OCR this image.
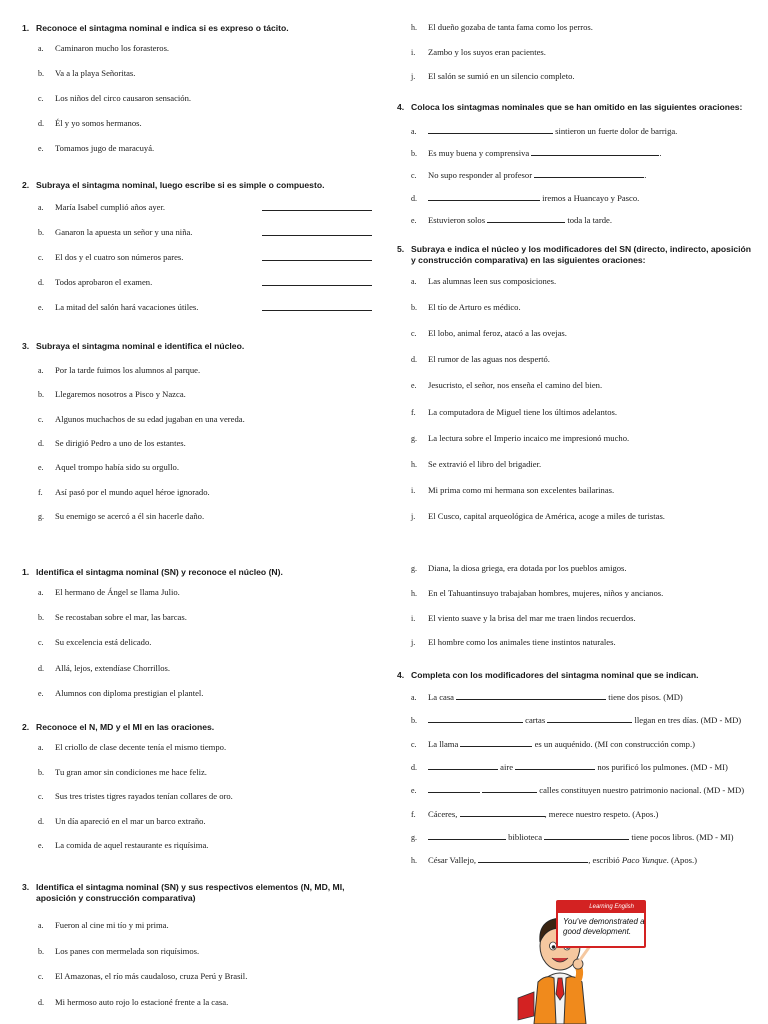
1. Reconoce el sintagma nominal e indica si es expreso o tácito.
a. Caminaron mucho los forasteros.
b. Va a la playa Señoritas.
c. Los niños del circo causaron sensación.
d. Él y yo somos hermanos.
e. Tomamos jugo de maracuyá.
2. Subraya el sintagma nominal, luego escribe si es simple o compuesto.
a. María Isabel cumplió años ayer.
b. Ganaron la apuesta un señor y una niña.
c. El dos y el cuatro son números pares.
d. Todos aprobaron el examen.
e. La mitad del salón hará vacaciones útiles.
3. Subraya el sintagma nominal e identifica el núcleo.
a. Por la tarde fuimos los alumnos al parque.
b. Llegaremos nosotros a Pisco y Nazca.
c. Algunos muchachos de su edad jugaban en una vereda.
d. Se dirigió Pedro a uno de los estantes.
e. Aquel trompo había sido su orgullo.
f. Así pasó por el mundo aquel héroe ignorado.
g. Su enemigo se acercó a él sin hacerle daño.
h. El dueño gozaba de tanta fama como los perros.
i. Zambo y los suyos eran pacientes.
j. El salón se sumió en un silencio completo.
4. Coloca los sintagmas nominales que se han omitido en las siguientes oraciones:
a.	sintieron un fuerte dolor de barriga.
b. Es muy buena y comprensiva	.
c. No supo responder al profesor	.
d.	iremos a Huancayo y Pasco.
e. Estuvieron solos	toda la tarde.
5. Subraya e indica el núcleo y los modificadores del SN (directo, indirecto, aposición y construcción comparativa) en las siguientes oraciones:
a. Las alumnas leen sus composiciones.
b. El tío de Arturo es médico.
c. El lobo, animal feroz, atacó a las ovejas.
d. El rumor de las aguas nos despertó.
e. Jesucristo, el señor, nos enseña el camino del bien.
f. La computadora de Miguel tiene los últimos adelantos.
g. La lectura sobre el Imperio incaico me impresionó mucho.
h. Se extravió el libro del brigadier.
i. Mi prima como mi hermana son excelentes bailarinas.
j. El Cusco, capital arqueológica de América, acoge a miles de turistas.
1. Identifica el sintagma nominal (SN) y reconoce el núcleo (N).
a. El hermano de Ángel se llama Julio.
b. Se recostaban sobre el mar, las barcas.
c. Su excelencia está delicado.
d. Allá, lejos, extendíase Chorrillos.
e. Alumnos con diploma prestigian el plantel.
2. Reconoce el N, MD y el MI en las oraciones.
a. El criollo de clase decente tenía el mismo tiempo.
b. Tu gran amor sin condiciones me hace feliz.
c. Sus tres tristes tigres rayados tenían collares de oro.
d. Un día apareció en el mar un barco extraño.
e. La comida de aquel restaurante es riquísima.
3. Identifica el sintagma nominal (SN) y sus respectivos elementos (N, MD, MI, aposición y construcción comparativa)
a. Fueron al cine mi tío y mi prima.
b. Los panes con mermelada son riquísimos.
c. El Amazonas, el río más caudaloso, cruza Perú y Brasil.
d. Mi hermoso auto rojo lo estacioné frente a la casa.
g. Diana, la diosa griega, era dotada por los pueblos amigos.
h. En el Tahuantinsuyo trabajaban hombres, mujeres, niños y ancianos.
i. El viento suave y la brisa del mar me traen lindos recuerdos.
j. El hombre como los animales tiene instintos naturales.
4. Completa con los modificadores del sintagma nominal que se indican.
a. La casa	tiene dos pisos. (MD)
b.	cartas	llegan en tres días. (MD - MD)
c. La llama	es un auquénido. (MI con construcción comp.)
d.	aire	nos purificó los pulmones. (MD - MI)
e.	calles constituyen nuestro patrimonio nacional. (MD - MD)
f. Cáceres,	, merece nuestro respeto. (Apos.)
g.	biblioteca	tiene pocos libros. (MD - MI)
h. César Vallejo,	, escribió Paco Yunque. (Apos.)
Learning English
You've demonstrated a good development.
